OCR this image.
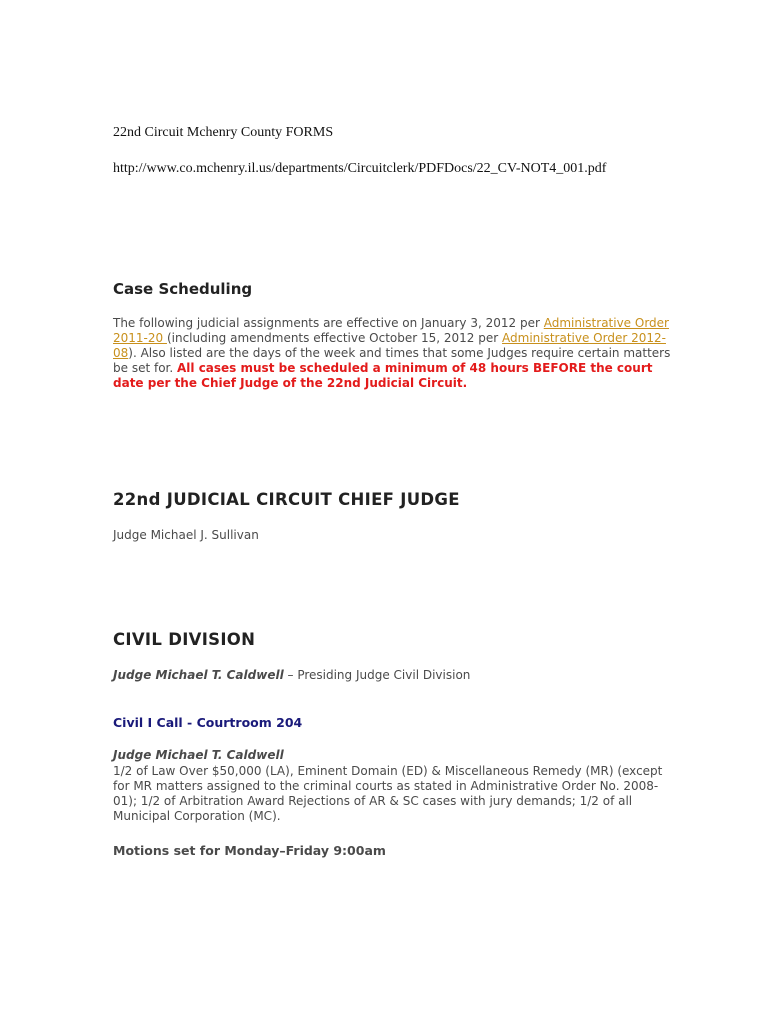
22nd Circuit Mchenry County FORMS
http://www.co.mchenry.il.us/departments/Circuitclerk/PDFDocs/22_CV-NOT4_001.pdf
Case Scheduling
The following judicial assignments are effective on January 3, 2012 per Administrative Order 2011-20 (including amendments effective October 15, 2012 per Administrative Order 2012-08). Also listed are the days of the week and times that some Judges require certain matters be set for. All cases must be scheduled a minimum of 48 hours BEFORE the court date per the Chief Judge of the 22nd Judicial Circuit.
22nd JUDICIAL CIRCUIT CHIEF JUDGE
Judge Michael J. Sullivan
CIVIL DIVISION
Judge Michael T. Caldwell – Presiding Judge Civil Division
Civil I Call - Courtroom 204
Judge Michael T. Caldwell
1/2 of Law Over $50,000 (LA), Eminent Domain (ED) & Miscellaneous Remedy (MR) (except for MR matters assigned to the criminal courts as stated in Administrative Order No. 2008-01); 1/2 of Arbitration Award Rejections of AR & SC cases with jury demands; 1/2 of all Municipal Corporation (MC).
Motions set for Monday–Friday 9:00am
